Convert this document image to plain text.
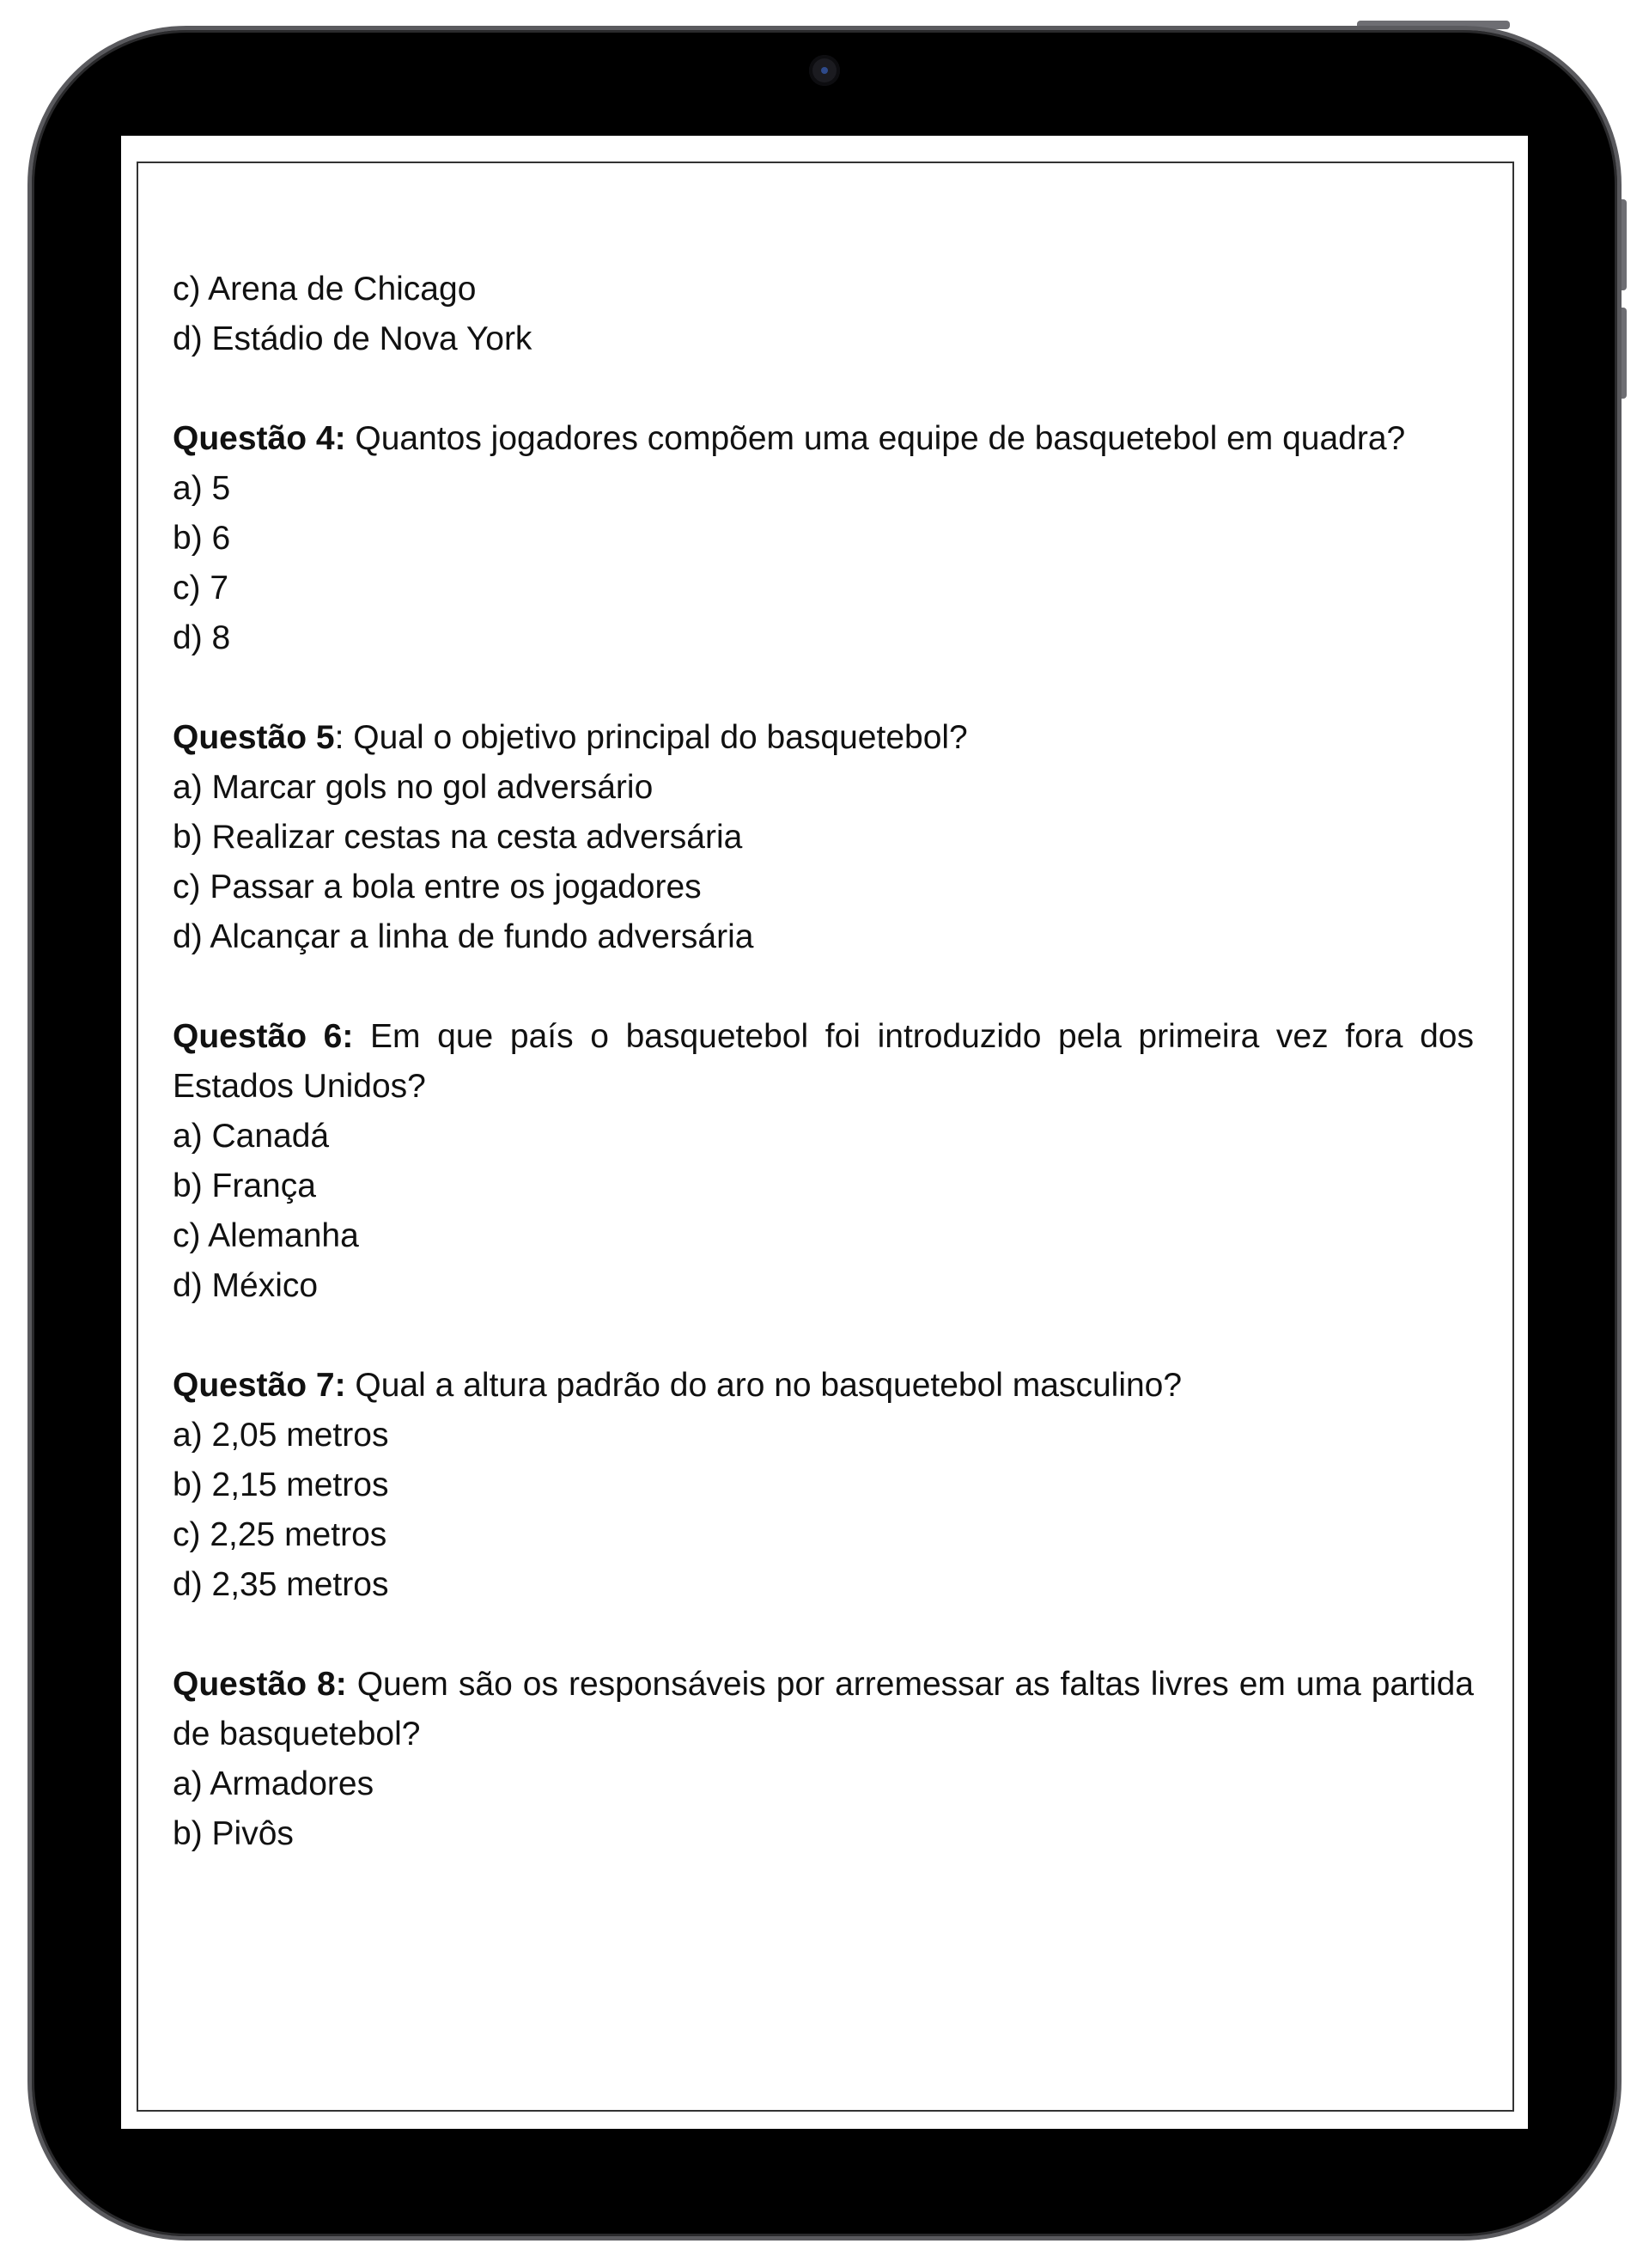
c) Arena de Chicago

d) Estádio de Nova York

Questão 4: Quantos jogadores compõem uma equipe de basquetebol em quadra?

a) 5

b) 6

c) 7

d) 8

Questão 5: Qual o objetivo principal do basquetebol?

a) Marcar gols no gol adversário

b) Realizar cestas na cesta adversária

c) Passar a bola entre os jogadores

d) Alcançar a linha de fundo adversária

Questão 6: Em que país o basquetebol foi introduzido pela primeira vez fora dos Estados Unidos?

a) Canadá

b) França

c) Alemanha

d) México

Questão 7: Qual a altura padrão do aro no basquetebol masculino?

a) 2,05 metros

b) 2,15 metros

c) 2,25 metros

d) 2,35 metros

Questão 8: Quem são os responsáveis por arremessar as faltas livres em uma partida de basquetebol?

a) Armadores

b) Pivôs
